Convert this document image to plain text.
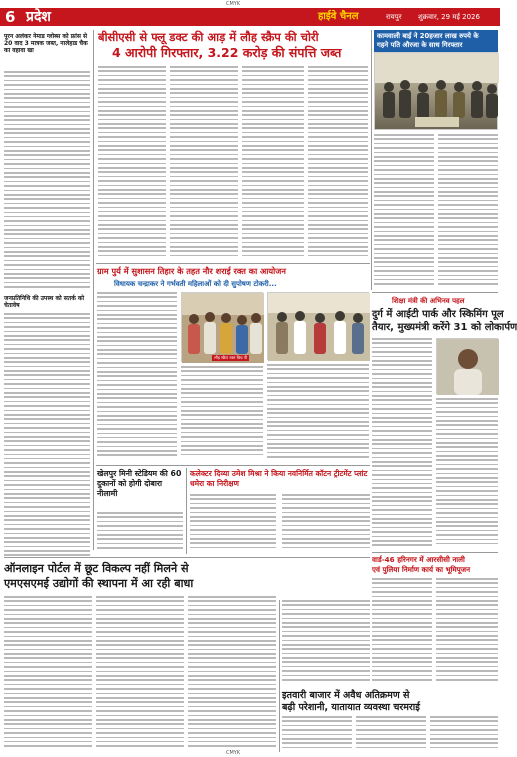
CMYK
6 प्रदेश	हाईवे चैनल	रायपुर शुक्रवार, 29 मई 2026
पूरन अलंकर नेमाड ग्लोब्स को फ्रांस से 20 वाद 3 मात्रक जब्त, नालेहाड चैक का वहावा खा
जनप्रतिनिधि की उपस्थ को सतर्क को चेतावेष
बीसीएसी से फ्लू डक्ट की आड़ में लौह स्क्रैप की चोरी
4 आरोपी गिरफ्तार, 3.22 करोड़ की संपत्ति जब्त
कामवाली बाई ने 20हजार लाख रुपये के
गहने पति औरजा के साथ गिरफ्तार
ग्राम पुर्य में सुशासन तिहार के तहत नौर शराई रक्त का आयोजन
विधायक चन्द्राकर ने गर्भवती महिलाओं को दी सुपोषण टोकरी...
लौह स्क्रैप रक्त बिच पी
शिक्षा मंत्री की अभिनव पहल
दुर्ग में आईटी पार्क और स्किमिंग पूल
तैयार, मुख्यमंत्री करेंगे 31 को लोकार्पण
खेलपुर मिनी स्टेडियम की 60 दुकानों को होगी दोबारा नीलामी
कलेक्टर दिव्या उमेश मिश्रा ने किया नवनिर्मित कॉटन ट्रीटमेंट प्लांट धमेरा का निरीक्षण
वार्ड-46 हरिनगर में आरसीसी नाली
एवं पुलिया निर्माण कार्य का भूमिपूजन
ऑनलाइन पोर्टल में छूट विकल्प नहीं मिलने से
एमएसएमई उद्योगों की स्थापना में आ रही बाधा
इतवारी बाजार में अवैध अतिक्रमण से
बढ़ी परेशानी, यातायात व्यवस्था चरमराई
CMYK
